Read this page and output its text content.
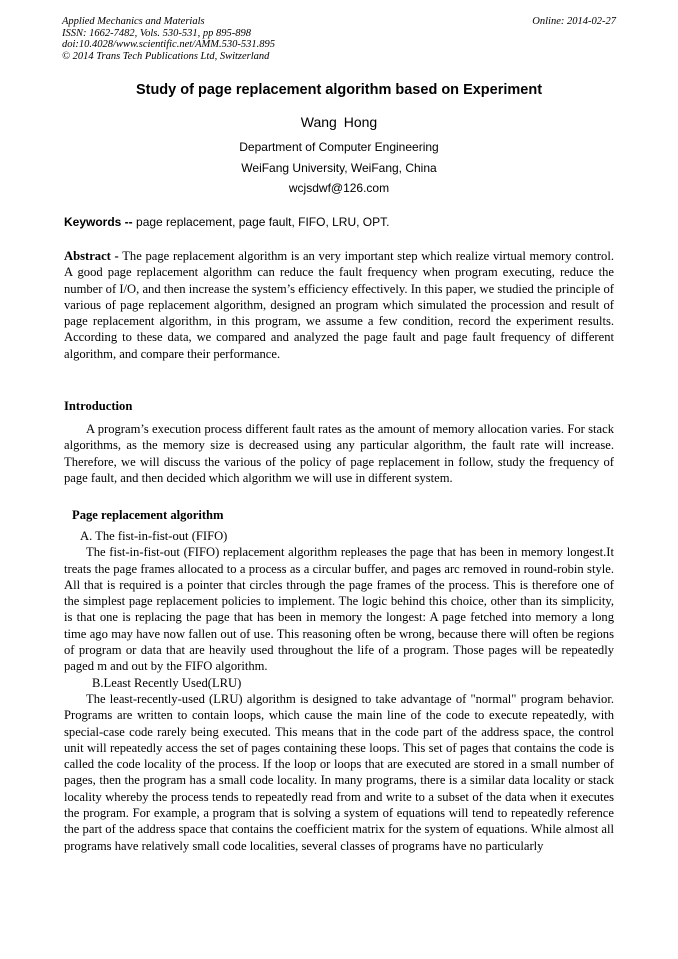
Applied Mechanics and Materials
ISSN: 1662-7482, Vols. 530-531, pp 895-898
doi:10.4028/www.scientific.net/AMM.530-531.895
© 2014 Trans Tech Publications Ltd, Switzerland
Online: 2014-02-27
Study of page replacement algorithm based on Experiment
Wang Hong
Department of Computer Engineering
WeiFang University, WeiFang, China
wcjsdwf@126.com
Keywords -- page replacement, page fault, FIFO, LRU, OPT.

Abstract - The page replacement algorithm is an very important step which realize virtual memory control. A good page replacement algorithm can reduce the fault frequency when program executing, reduce the number of I/O, and then increase the system’s efficiency effectively. In this paper, we studied the principle of various of page replacement algorithm, designed an program which simulated the procession and result of page replacement algorithm, in this program, we assume a few condition, record the experiment results. According to these data, we compared and analyzed the page fault and page fault frequency of different algorithm, and compare their performance.

Introduction

A program’s execution process different fault rates as the amount of memory allocation varies. For stack algorithms, as the memory size is decreased using any particular algorithm, the fault rate will increase. Therefore, we will discuss the various of the policy of page replacement in follow, study the frequency of page fault, and then decided which algorithm we will use in different system.

Page replacement algorithm

A. The fist-in-fist-out (FIFO)

The fist-in-fist-out (FIFO) replacement algorithm repleases the page that has been in memory longest.It treats the page frames allocated to a process as a circular buffer, and pages arc removed in round-robin style. All that is required is a pointer that circles through the page frames of the process. This is therefore one of the simplest page replacement policies to implement. The logic behind this choice, other than its simplicity, is that one is replacing the page that has been in memory the longest: A page fetched into memory a long time ago may have now fallen out of use. This reasoning often be wrong, because there will often be regions of program or data that are heavily used throughout the life of a program. Those pages will be repeatedly paged m and out by the FIFO algorithm.

B.Least Recently Used(LRU)

The least-recently-used (LRU) algorithm is designed to take advantage of "normal" program behavior. Programs are written to contain loops, which cause the main line of the code to execute repeatedly, with special-case code rarely being executed. This means that in the code part of the address space, the control unit will repeatedly access the set of pages containing these loops. This set of pages that contains the code is called the code locality of the process. If the loop or loops that are executed are stored in a small number of pages, then the program has a small code locality. In many programs, there is a similar data locality or stack locality whereby the process tends to repeatedly read from and write to a subset of the data when it executes the program. For example, a program that is solving a system of equations will tend to repeatedly reference the part of the address space that contains the coefficient matrix for the system of equations. While almost all programs have relatively small code localities, several classes of programs have no particularly
